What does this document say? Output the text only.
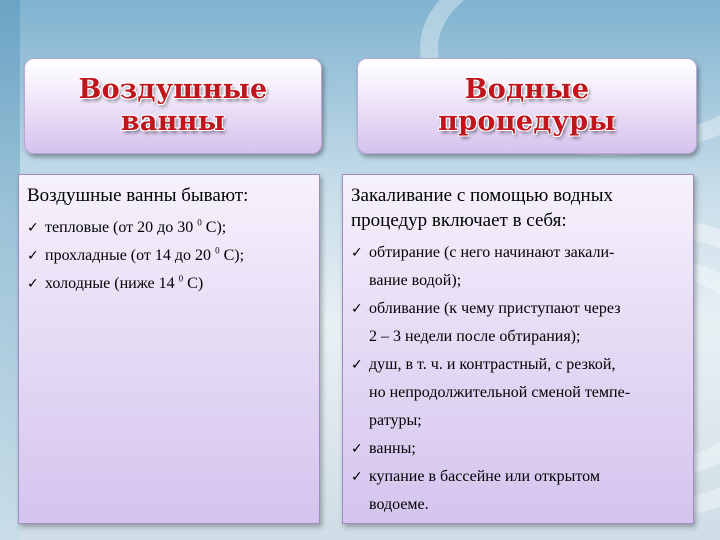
Воздушные
ванны
Водные
процедуры

Воздушные ванны бывают:

✓ тепловые (от 20 до 30 $^0$ С);
✓ прохладные (от 14 до 20 $^0$ С);
✓ холодные (ниже 14 $^0$ С)

Закаливание с помощью водных процедур включает в себя:

✓ обтирание (с него начинают закали-
вание водой);
✓ обливание (к чему приступают через
2 – 3 недели после обтирания);
✓ душ, в т. ч. и контрастный, с резкой,
но непродолжительной сменой темпе-
ратуры;
✓ ванны;
✓ купание в бассейне или открытом
водоеме.
